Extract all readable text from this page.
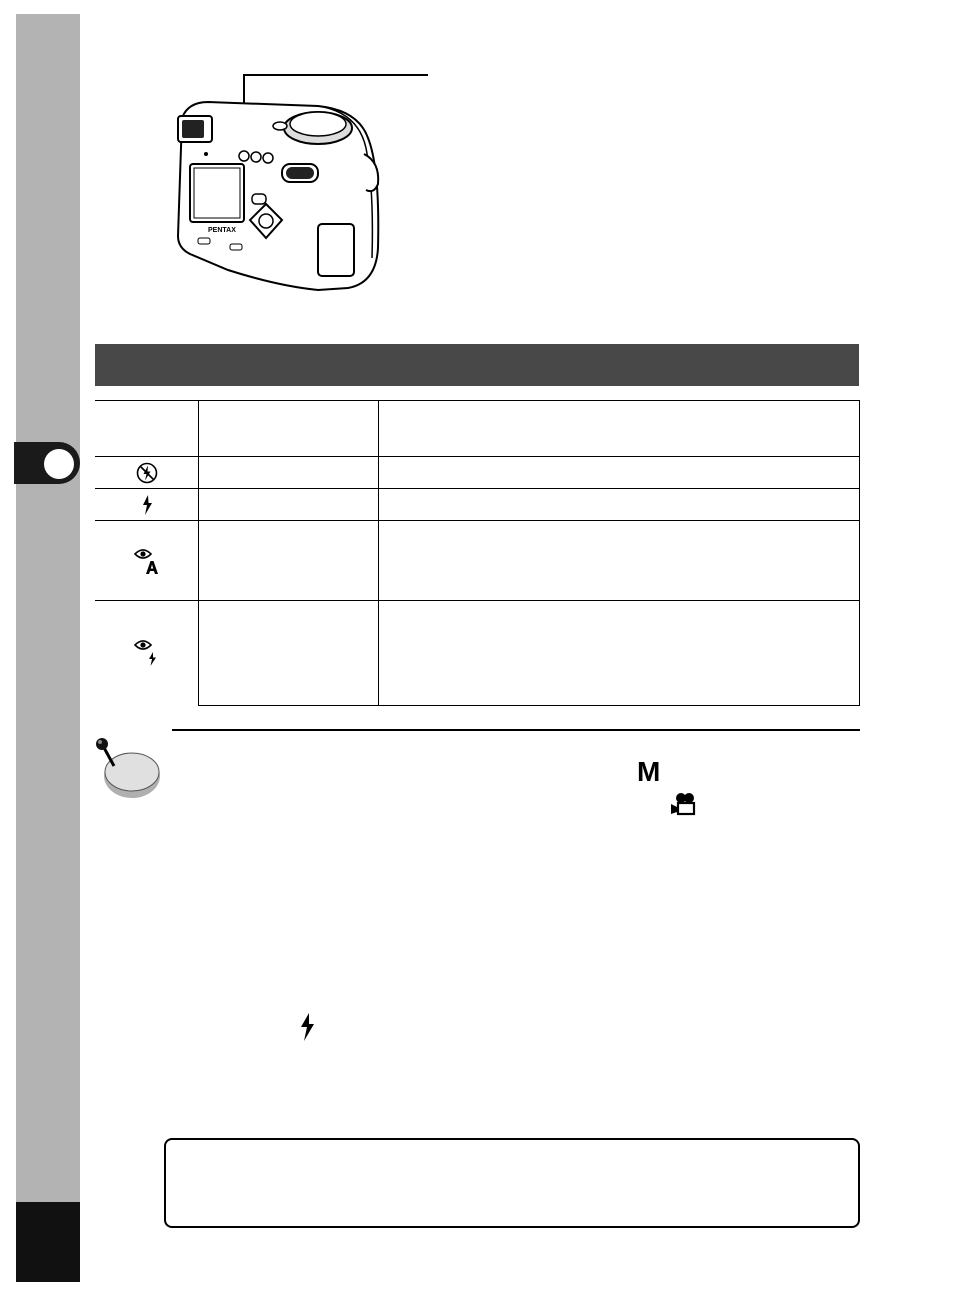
PENTAX

M
